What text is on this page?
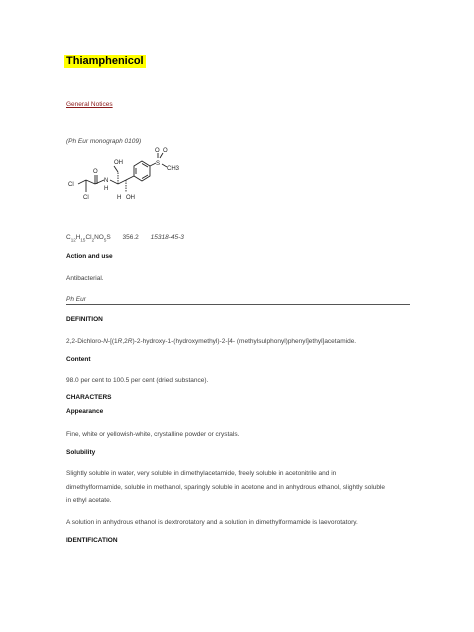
Thiamphenicol
General Notices
(Ph Eur monograph 0109)
OH
Cl
Cl
O
N
H
H OH
S
O O
CH3
$C_{12}H_{15}Cl_2NO_5S$ 356.2 15318-45-3
Action and use
Antibacterial.
Ph Eur
DEFINITION
2,2-Dichloro-N-[(1R,2R)-2-hydroxy-1-(hydroxymethyl)-2-[4- (methylsulphonyl)phenyl]ethyl]acetamide.
Content
98.0 per cent to 100.5 per cent (dried substance).
CHARACTERS
Appearance
Fine, white or yellowish-white, crystalline powder or crystals.
Solubility
Slightly soluble in water, very soluble in dimethylacetamide, freely soluble in acetonitrile and in
dimethylformamide, soluble in methanol, sparingly soluble in acetone and in anhydrous ethanol, slightly soluble
in ethyl acetate.
A solution in anhydrous ethanol is dextrorotatory and a solution in dimethylformamide is laevorotatory.
IDENTIFICATION
